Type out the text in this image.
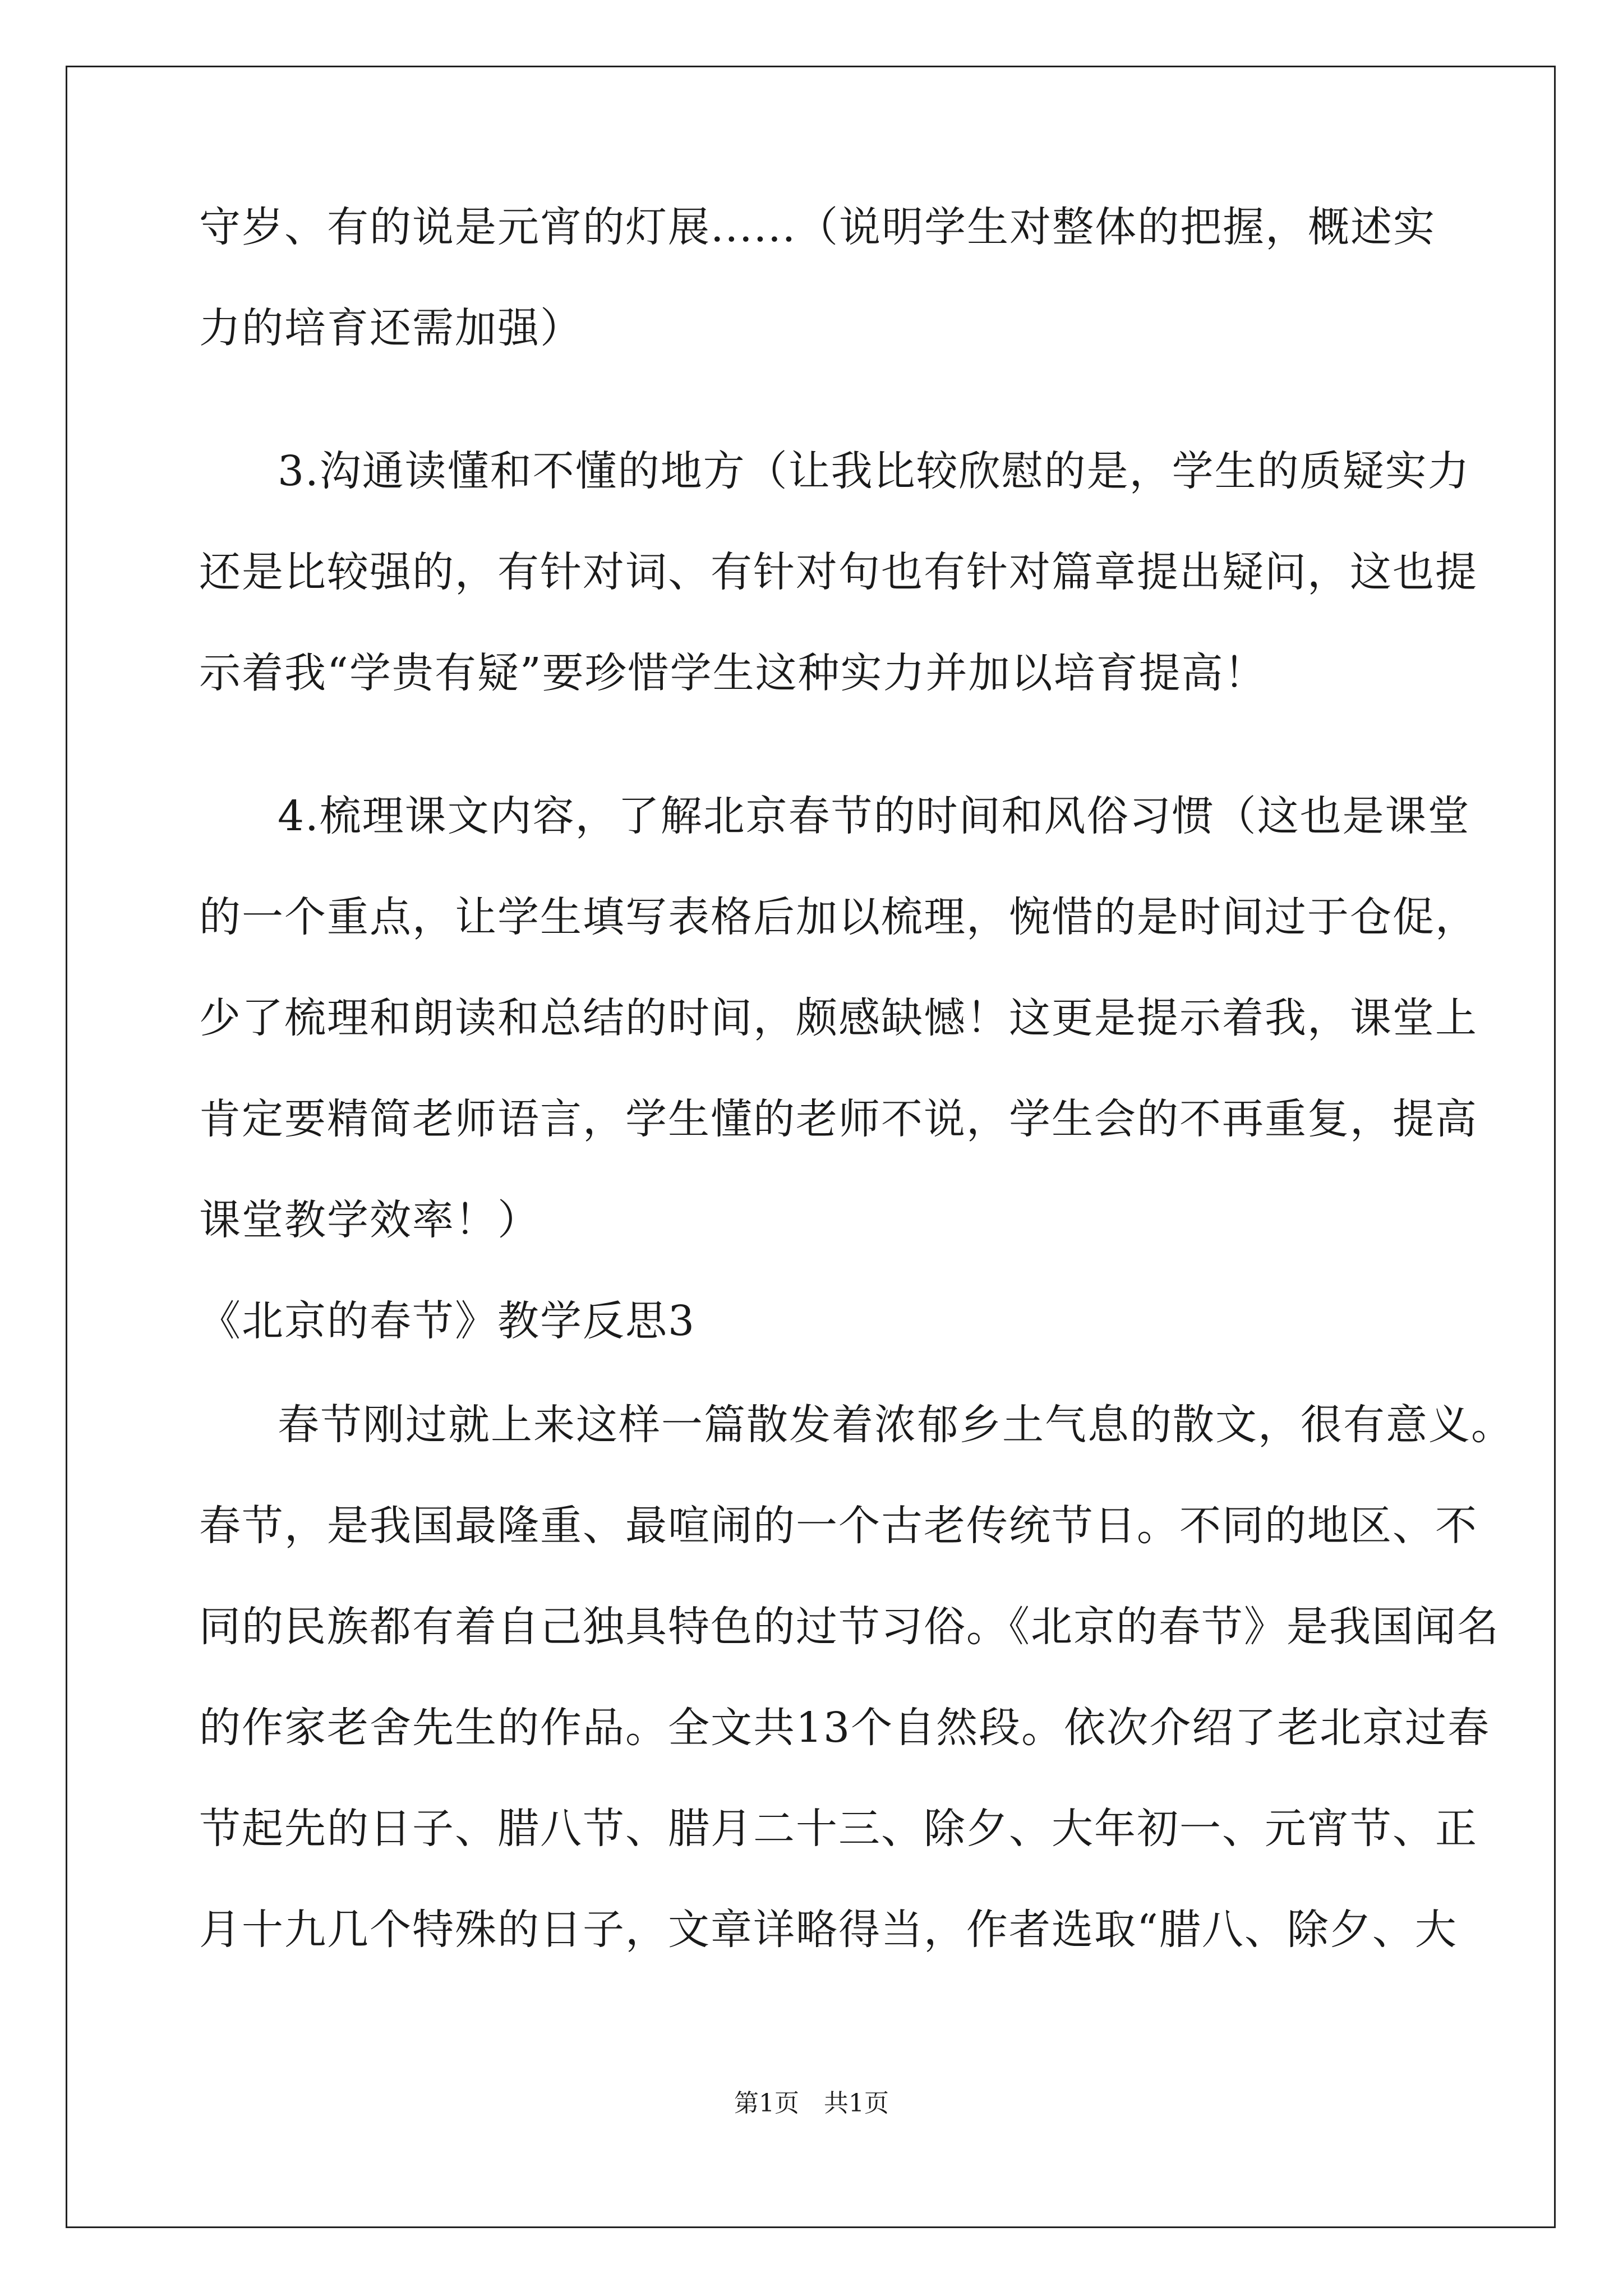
守岁、有的说是元宵的灯展......（说明学生对整体的把握，概述实
力的培育还需加强）
3.沟通读懂和不懂的地方（让我比较欣慰的是，学生的质疑实力
还是比较强的，有针对词、有针对句也有针对篇章提出疑问，这也提
示着我“学贵有疑”要珍惜学生这种实力并加以培育提高！
4.梳理课文内容，了解北京春节的时间和风俗习惯（这也是课堂
的一个重点，让学生填写表格后加以梳理，惋惜的是时间过于仓促，
少了梳理和朗读和总结的时间，颇感缺憾！这更是提示着我，课堂上
肯定要精简老师语言，学生懂的老师不说，学生会的不再重复，提高
课堂教学效率！）
《北京的春节》教学反思3
春节刚过就上来这样一篇散发着浓郁乡土气息的散文，很有意义。
春节，是我国最隆重、最喧闹的一个古老传统节日。不同的地区、不
同的民族都有着自己独具特色的过节习俗。《北京的春节》是我国闻名
的作家老舍先生的作品。全文共13个自然段。依次介绍了老北京过春
节起先的日子、腊八节、腊月二十三、除夕、大年初一、元宵节、正
月十九几个特殊的日子，文章详略得当，作者选取“腊八、除夕、大
第1页　共1页
